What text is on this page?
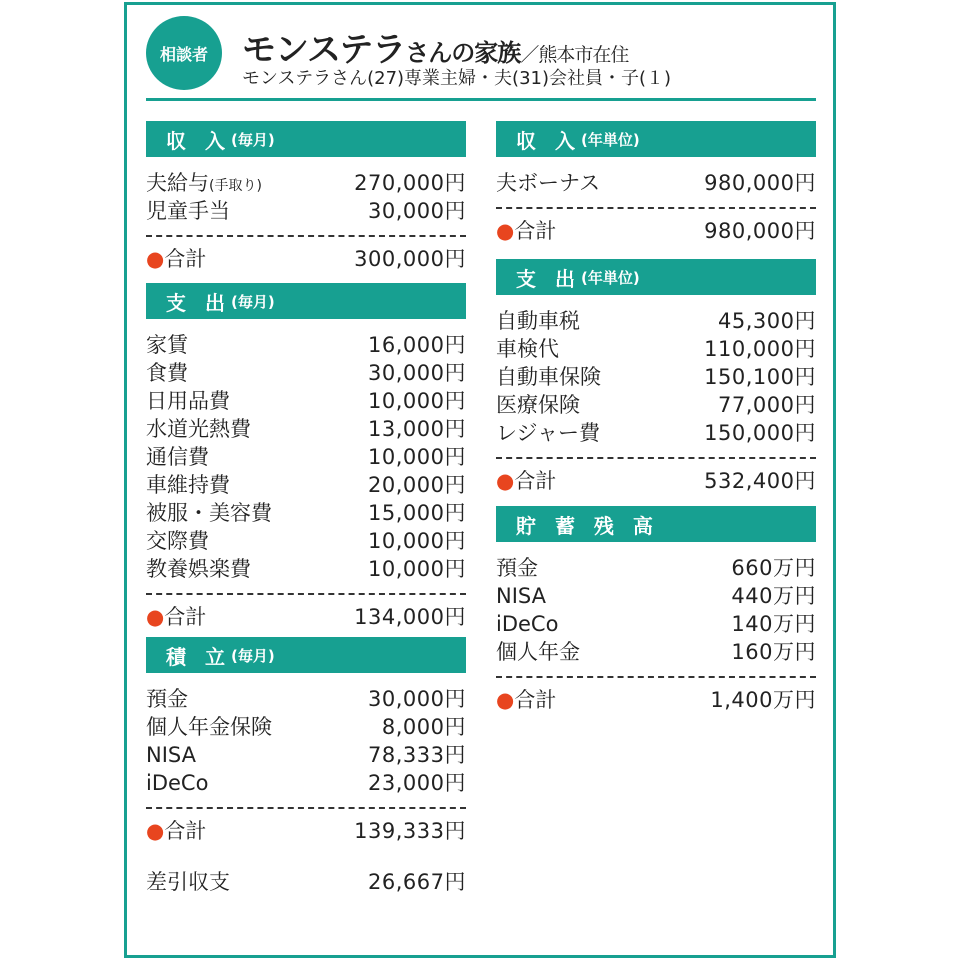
相談者	モンステラさんの家族／熊本市在住
モンステラさん(27)専業主婦・夫(31)会社員・子(１)
収 入 (毎月)
夫給与(手取り)	270,000円
児童手当	30,000円
●合計	300,000円
支 出 (毎月)
家賃	16,000円
食費	30,000円
日用品費	10,000円
水道光熱費	13,000円
通信費	10,000円
車維持費	20,000円
被服・美容費	15,000円
交際費	10,000円
教養娯楽費	10,000円
●合計	134,000円
積 立 (毎月)
預金	30,000円
個人年金保険	8,000円
NISA	78,333円
iDeCo	23,000円
●合計	139,333円
収 入 (年単位)
夫ボーナス	980,000円
●合計	980,000円
支 出 (年単位)
自動車税	45,300円
車検代	110,000円
自動車保険	150,100円
医療保険	77,000円
レジャー費	150,000円
●合計	532,400円
貯 蓄 残 高
預金	660万円
NISA	440万円
iDeCo	140万円
個人年金	160万円
●合計	1,400万円
差引収支	26,667円
